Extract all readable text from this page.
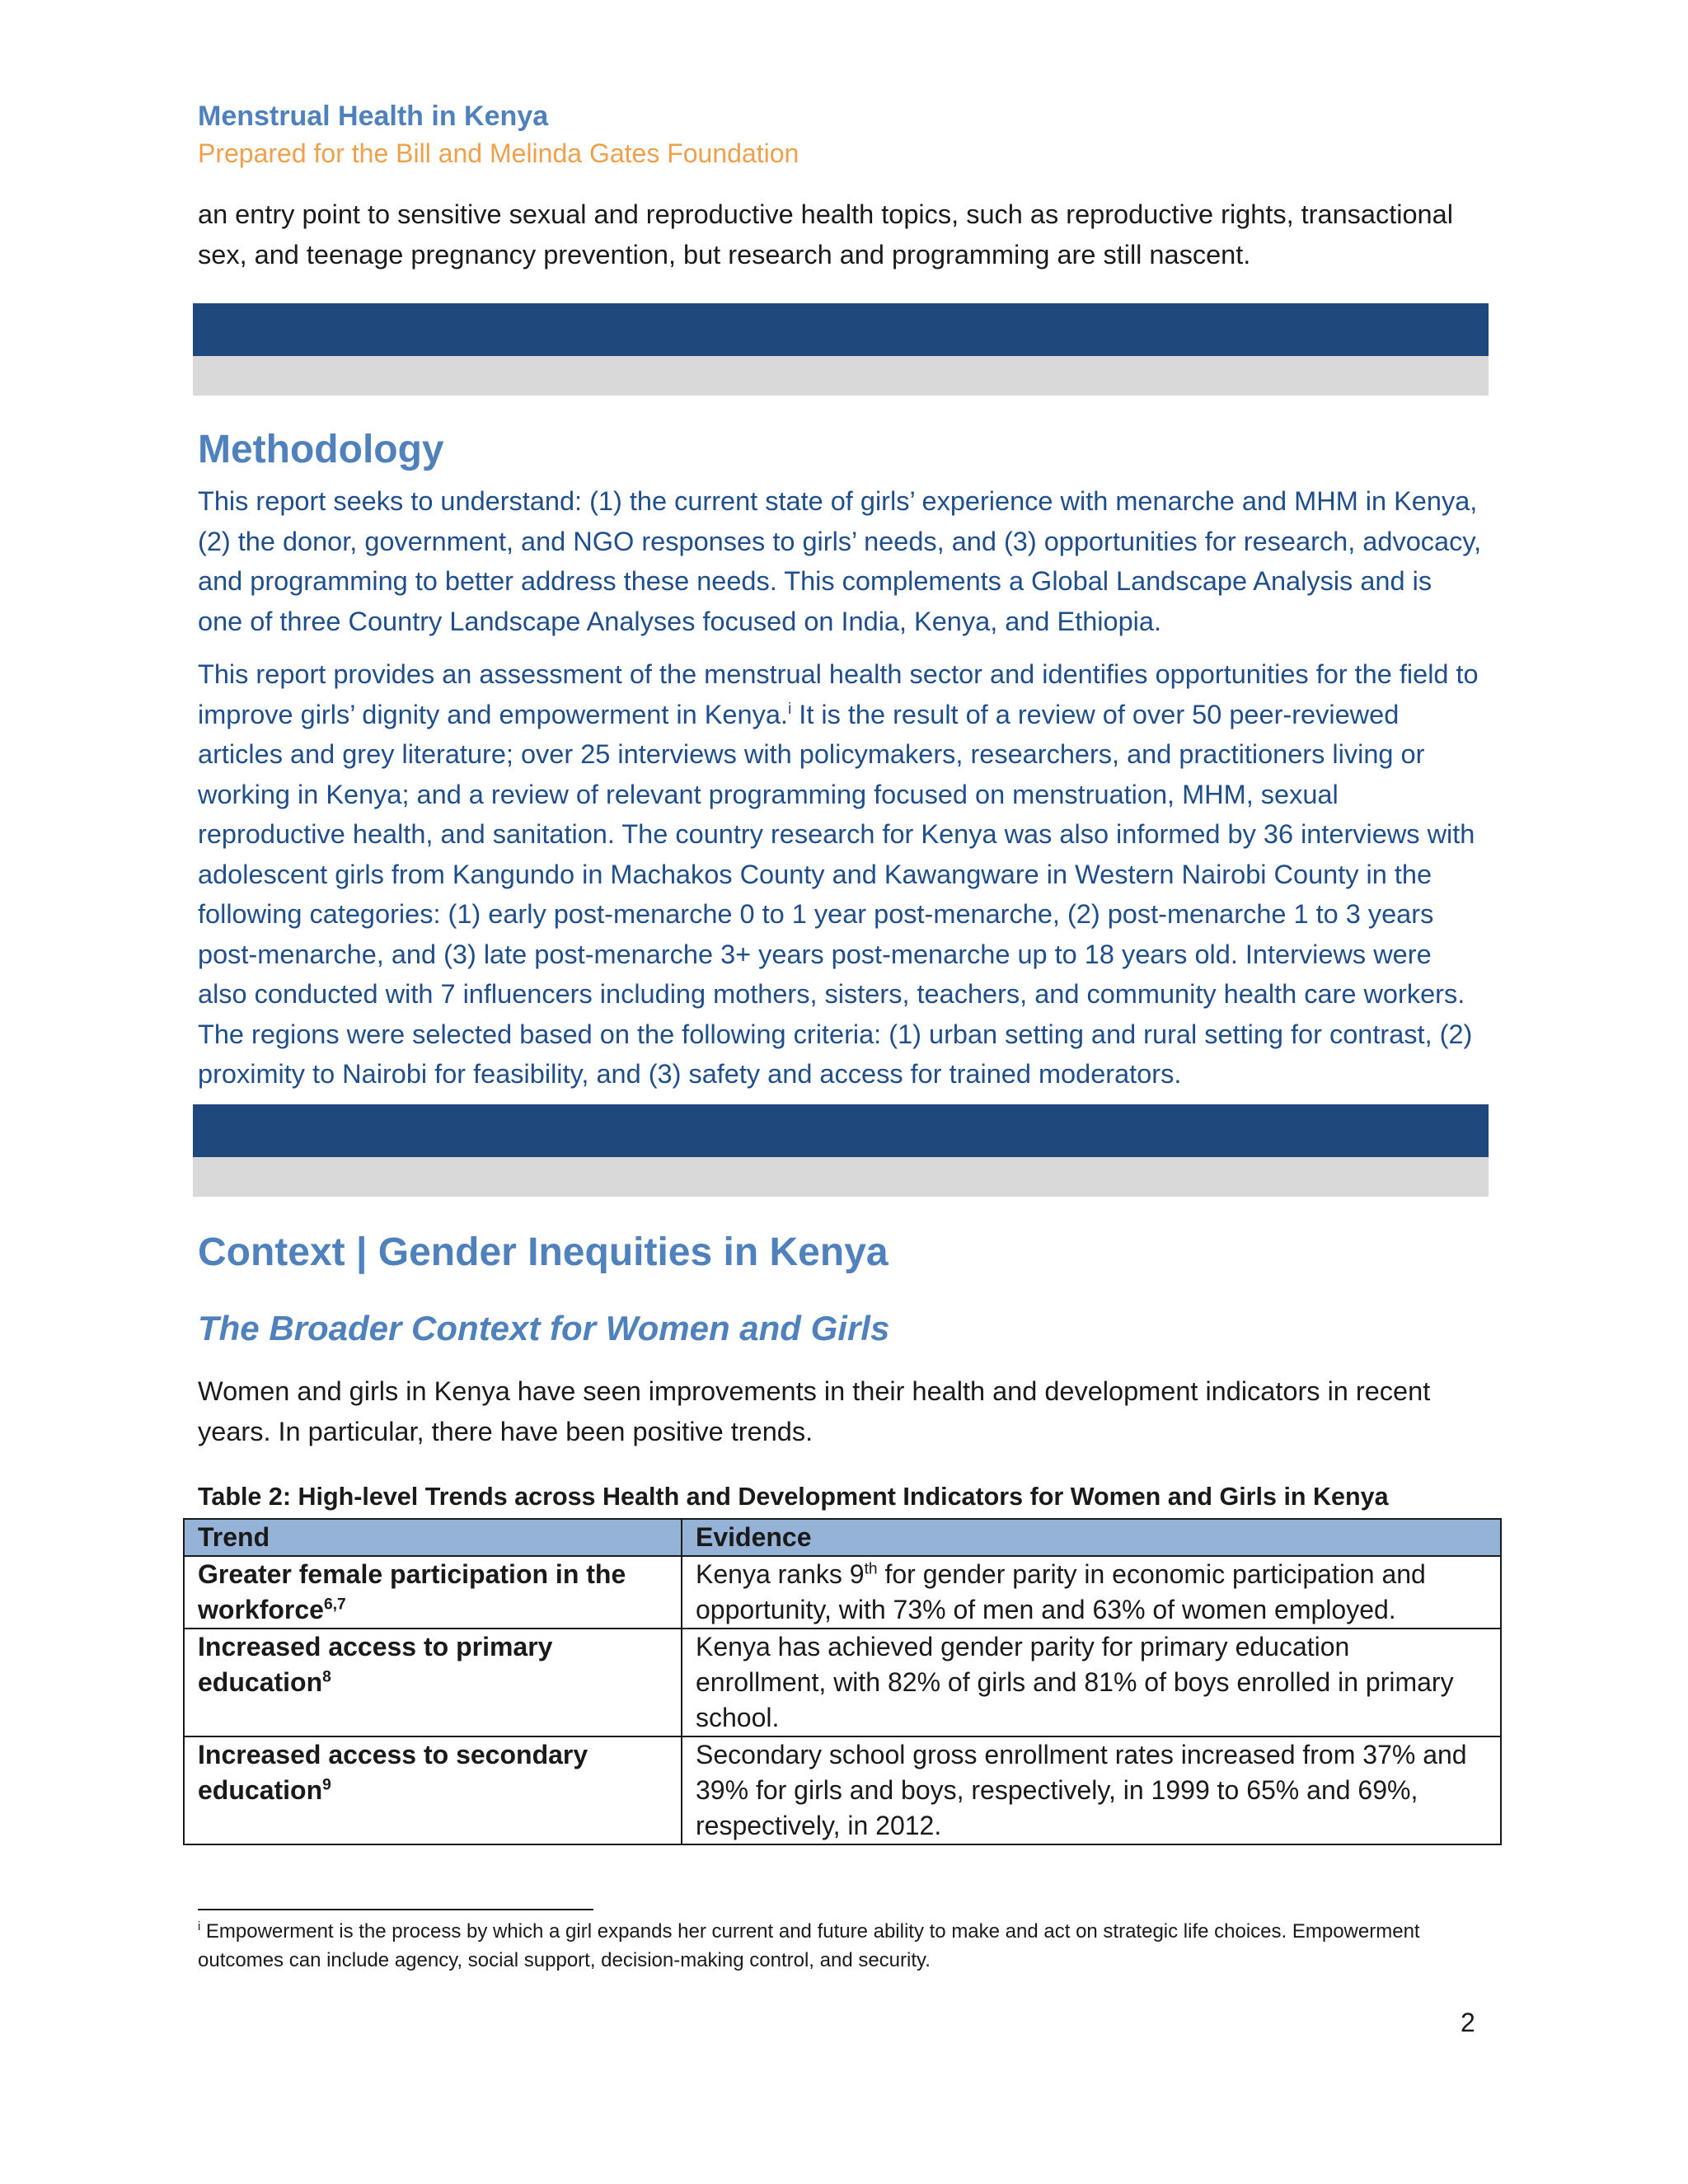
Menstrual Health in Kenya
Prepared for the Bill and Melinda Gates Foundation

an entry point to sensitive sexual and reproductive health topics, such as reproductive rights, transactional sex, and teenage pregnancy prevention, but research and programming are still nascent.

Methodology

This report seeks to understand: (1) the current state of girls’ experience with menarche and MHM in Kenya, (2) the donor, government, and NGO responses to girls’ needs, and (3) opportunities for research, advocacy, and programming to better address these needs. This complements a Global Landscape Analysis and is one of three Country Landscape Analyses focused on India, Kenya, and Ethiopia.

This report provides an assessment of the menstrual health sector and identifies opportunities for the field to improve girls’ dignity and empowerment in Kenya.$^i$ It is the result of a review of over 50 peer-reviewed articles and grey literature; over 25 interviews with policymakers, researchers, and practitioners living or working in Kenya; and a review of relevant programming focused on menstruation, MHM, sexual reproductive health, and sanitation. The country research for Kenya was also informed by 36 interviews with adolescent girls from Kangundo in Machakos County and Kawangware in Western Nairobi County in the following categories: (1) early post-menarche 0 to 1 year post-menarche, (2) post-menarche 1 to 3 years post-menarche, and (3) late post-menarche 3+ years post-menarche up to 18 years old. Interviews were also conducted with 7 influencers including mothers, sisters, teachers, and community health care workers. The regions were selected based on the following criteria: (1) urban setting and rural setting for contrast, (2) proximity to Nairobi for feasibility, and (3) safety and access for trained moderators.

Context | Gender Inequities in Kenya
The Broader Context for Women and Girls

Women and girls in Kenya have seen improvements in their health and development indicators in recent years. In particular, there have been positive trends.

Table 2: High-level Trends across Health and Development Indicators for Women and Girls in Kenya

Trend	Evidence
Greater female participation in the workforce$^{6,7}$	Kenya ranks 9th for gender parity in economic participation and opportunity, with 73% of men and 63% of women employed.
Increased access to primary education$^8$	Kenya has achieved gender parity for primary education enrollment, with 82% of girls and 81% of boys enrolled in primary school.
Increased access to secondary education$^9$	Secondary school gross enrollment rates increased from 37% and 39% for girls and boys, respectively, in 1999 to 65% and 69%, respectively, in 2012.

$^i$ Empowerment is the process by which a girl expands her current and future ability to make and act on strategic life choices. Empowerment outcomes can include agency, social support, decision-making control, and security.

2
